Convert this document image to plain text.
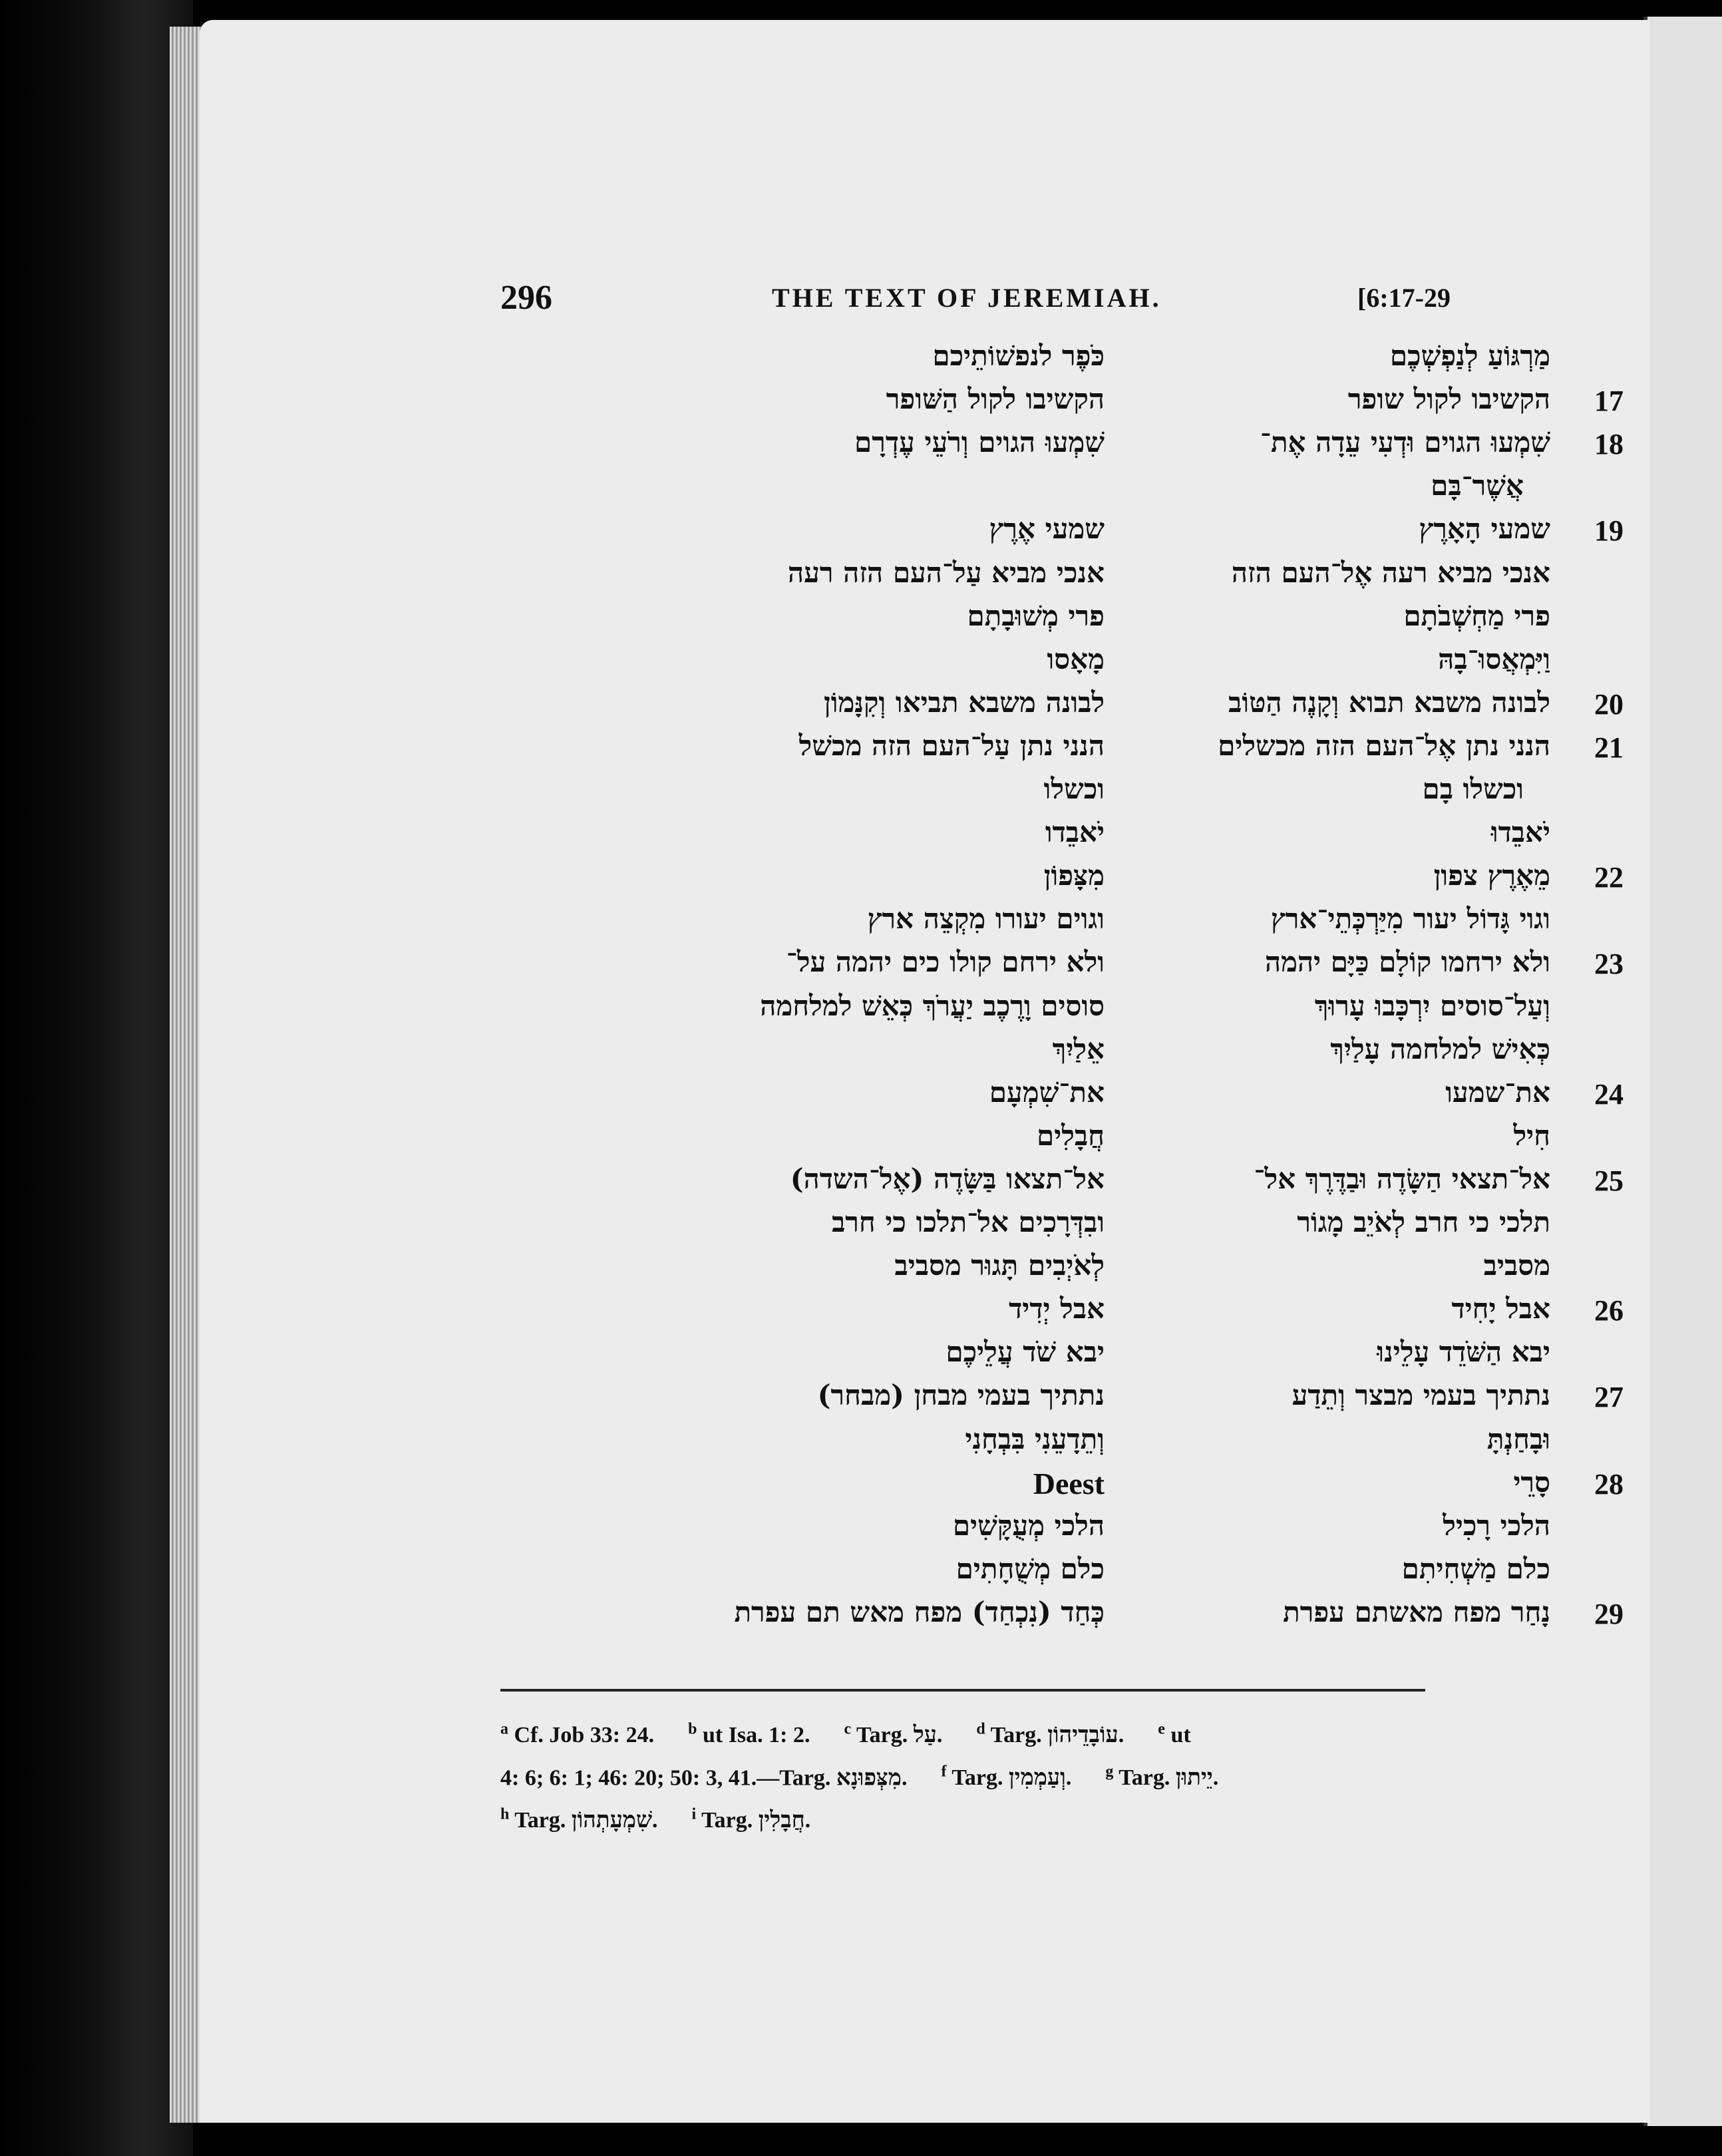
296	THE TEXT OF JEREMIAH.	[6:17-29
כֹּפֶר לנפשׁוֹתֵיכם	מַרְגּוֹעַ לְנַפְשְׁכֶם
הקשיבו לקול הַשּׁופר	הקשיבו לקול שופר 17
שִׁמְעוּ הגוים וְרֹעֵי עֶדְרָם	שִׁמְעוּ הגוים וּדְעִי עֵדָה אֶת־ 18
אֲשֶׁר־בָּם
שמעי אֶרֶץ	שמעי הָאָרֶץ 19
אנכי מביא עַל־העם הזה רעה	אנכי מביא רעה אֶל־העם הזה
פרי מְשׁוּבָתָם	פרי מַחְשְׁבֹתָם
מָאָסו	וַיִּמְאֲסוּ־בָהּ
לבונה משבא תביאו וְקִנָּמוֹן	לבונה משבא תבוא וְקָנֶה הַטּוֹב 20
הנני נתן עַל־העם הזה מכשׁל	הנני נתן אֶל־העם הזה מכשלים 21
וכשלו	וכשלו בָם
יֹאבֵדו	יֹאבֵדוּ
מִצָּפוֹן	מֵאֶרֶץ צפון 22
וגוים יעורו מִקְצֵה ארץ	וגוי גָּדוֹל יעור מִיַּרְכְּתֵי־ארץ
ולא ירחם קולו כים יהמה על־	ולא ירחמו קוֹלָם כַּיָּם יהמה 23
סוסים וָרֶכֶב יַעֲרֹךְ כְּאֵשׁ למלחמה	וְעַל־סוסים יִרְכָּבוּ עָרוּךְ
אֵלַיִךְ	כְּאִישׁ למלחמה עָלַיִךְ
את־שִׁמְעָם	את־שמעו 24
חֲבָלִים	חִיל
אל־תצאו בַּשָּׂדֶה (אֶל־השדה)	אל־תצאי הַשָּׂדֶה וּבַדֶּרֶךְ אל־ 25
ובִדְּרָכִים אל־תלכו כי חרב	תלכי כי חרב לְאֹיֵב מָגוֹר
לְאֹיְבִים תָּגוּר מסביב	מסביב
אבל יְדִיד	אבל יָחִיד 26
יבא שֹׁד עֲלֵיכֶם	יבא הַשֹּׁדֵד עָלֵינוּ
נתתיך בעמי מבחן (מבחר)	נתתיך בעמי מבצר וְתֵדַע 27
וְתֵדָעֵנִי בִּבְחָנִי	וּבָחַנְתָּ
Deest	סָרֵי 28
הלכי מְעֻקָּשִׁים	הלכי רָכִיל
כלם מְשֻׁחָתִים	כלם מַשְׁחִיתִם
כְּחַד (נִכְחַד) מפח מאש תם עפרת	נָחַר מפח מאשתם עפרת 29
$^a$ Cf. Job 33: 24.   $^b$ ut Isa. 1: 2.   $^c$ Targ. עַל.   $^d$ Targ. עוֹבָדֵיהוֹן.   $^e$ ut  
4: 6; 6: 1; 46: 20; 50: 3, 41.—Targ. מִצְּפוּנָא.   $^f$ Targ. וְעַמְמִין.   $^g$ Targ. יֵיתוּן.  
$^h$ Targ. שִׁמְעָתְהוֹן.   $^i$ Targ. חֲבָלִין.  
